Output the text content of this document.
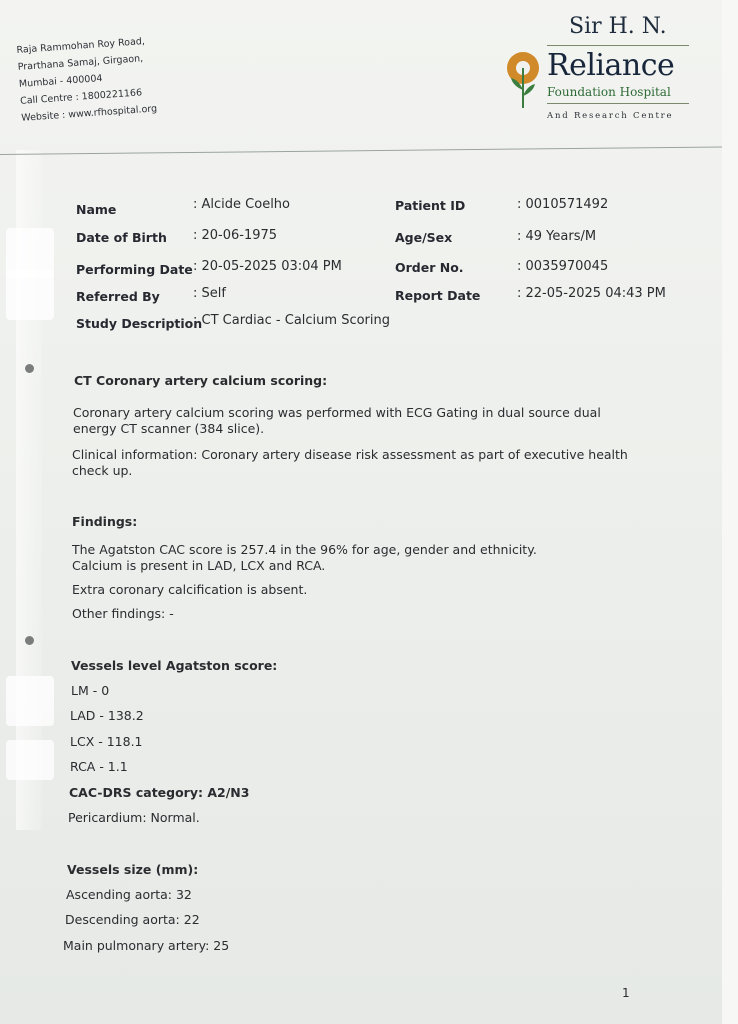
Raja Rammohan Roy Road,
Prarthana Samaj, Girgaon,
Mumbai - 400004
Call Centre : 1800221166
Website : www.rfhospital.org
Sir H. N.
Reliance
Foundation Hospital
And Research Centre
Name	: Alcide Coelho
Date of Birth : 20-06-1975
Performing Date : 20-05-2025 03:04 PM
Referred By	: Self
Study Description
: CT Cardiac - Calcium Scoring
Patient ID	: 0010571492
Age/Sex	: 49 Years/M
Order No.	: 0035970045
Report Date	: 22-05-2025 04:43 PM
CT Coronary artery calcium scoring:
Coronary artery calcium scoring was performed with ECG Gating in dual source dual
energy CT scanner (384 slice).
Clinical information: Coronary artery disease risk assessment as part of executive health
check up.
Findings:
The Agatston CAC score is 257.4 in the 96% for age, gender and ethnicity.
Calcium is present in LAD, LCX and RCA.
Extra coronary calcification is absent.
Other findings: -
Vessels level Agatston score:
LM - 0
LAD - 138.2
LCX - 118.1
RCA - 1.1
CAC-DRS category: A2/N3
Pericardium: Normal.
Vessels size (mm):
Ascending aorta: 32
Descending aorta: 22
Main pulmonary artery: 25
1
